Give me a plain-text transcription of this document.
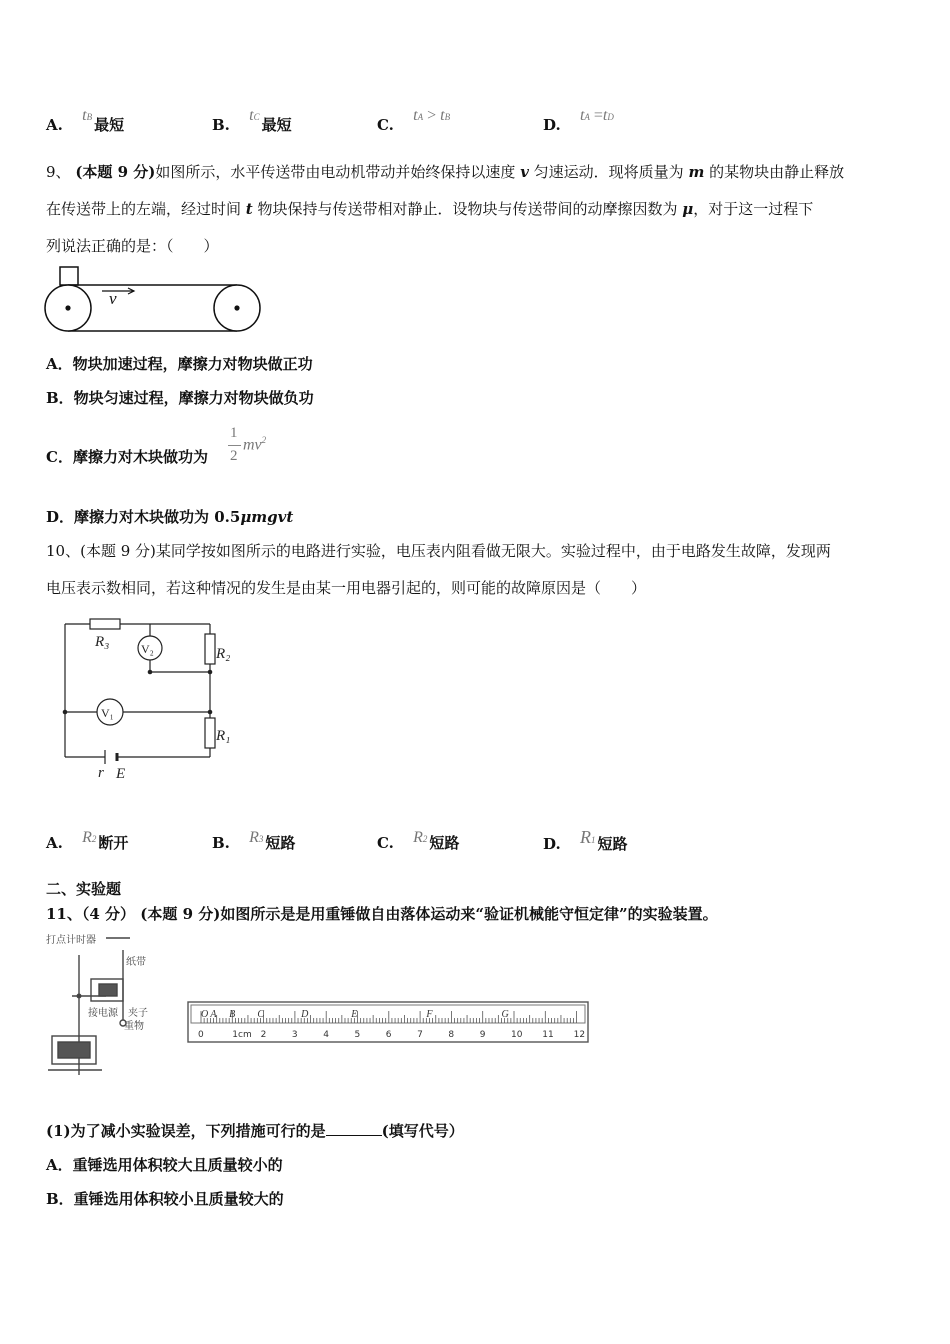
A. tB 最短	B. tC 最短	C. tA > tB	D. tA =tD
9、 (本题 9 分)如图所示，水平传送带由电动机带动并始终保持以速度 v 匀速运动．现将质量为 m 的某物块由静止释放
在传送带上的左端，经过时间 t 物块保持与传送带相对静止．设物块与传送带间的动摩擦因数为 μ，对于这一过程下
列说法正确的是：（　　）
v
A．物块加速过程，摩擦力对物块做正功
B．物块匀速过程，摩擦力对物块做负功
C．摩擦力对木块做功为
1
2
$mv^2$
D．摩擦力对木块做功为 0.5μmgvt
10、(本题 9 分)某同学按如图所示的电路进行实验，电压表内阻看做无限大。实验过程中，由于电路发生故障，发现两
电压表示数相同，若这种情况的发生是由某一用电器引起的，则可能的故障原因是（　　）
R₃
R₂
R₁
r E
V₂
V₁
A. R2 断开	B. R3 短路	C. R2 短路	D. R1 短路
二、实验题
11、（4 分） (本题 9 分)如图所示是是用重锤做自由落体运动来“验证机械能守恒定律”的实验装置。
打点计时器
纸带
夹子
重物
接电源	O A B C	D	E	F	G
0	1cm 2	3	4	5	6	7	8	9	10 11 12
(1)为了减小实验误差，下列措施可行的是	(填写代号）
A．重锤选用体积较大且质量较小的
B．重锤选用体积较小且质量较大的
